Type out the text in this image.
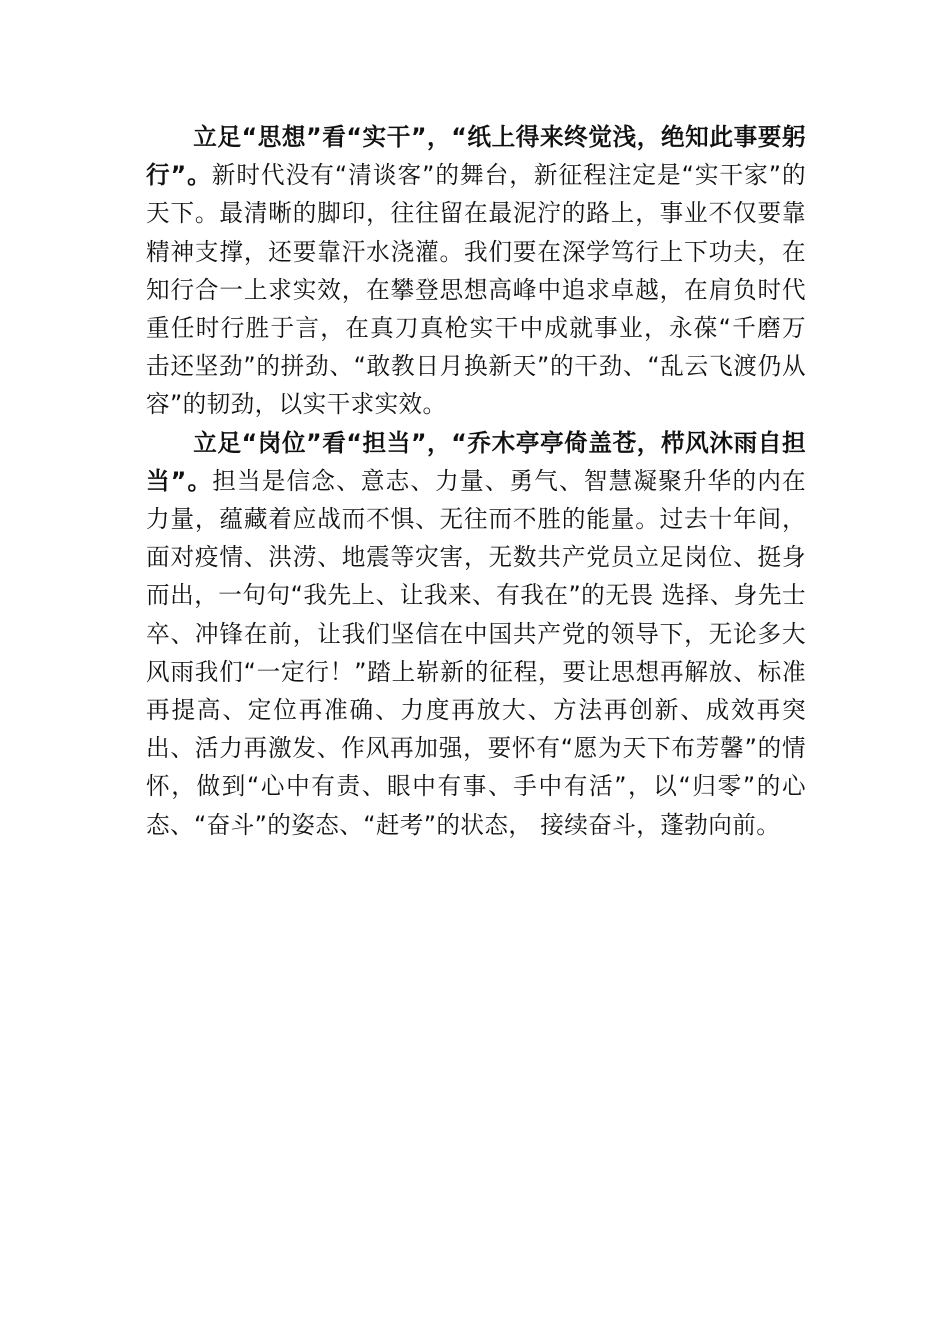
立足“思想”看“实干”，“纸上得来终觉浅，绝知此事要躬行”。新时代没有“清谈客”的舞台，新征程注定是“实干家”的天下。最清晰的脚印，往往留在最泥泞的路上，事业不仅要靠精神支撑，还要靠汗水浇灌。我们要在深学笃行上下功夫，在知行合一上求实效，在攀登思想高峰中追求卓越，在肩负时代重任时行胜于言，在真刀真枪实干中成就事业，永葆“千磨万击还坚劲”的拼劲、“敢教日月换新天”的干劲、“乱云飞渡仍从容”的韧劲，以实干求实效。

立足“岗位”看“担当”，“乔木亭亭倚盖苍，栉风沐雨自担当”。担当是信念、意志、力量、勇气、智慧凝聚升华的内在力量，蕴藏着应战而不惧、无往而不胜的能量。过去十年间，面对疫情、洪涝、地震等灾害，无数共产党员立足岗位、挺身而出，一句句“我先上、让我来、有我在”的无畏 选择、身先士卒、冲锋在前，让我们坚信在中国共产党的领导下，无论多大风雨我们“一定行！”踏上崭新的征程，要让思想再解放、标准再提高、定位再准确、力度再放大、方法再创新、成效再突出、活力再激发、作风再加强，要怀有“愿为天下布芳馨”的情怀，做到“心中有责、眼中有事、手中有活”，以“归零”的心态、“奋斗”的姿态、“赶考”的状态， 接续奋斗，蓬勃向前。
